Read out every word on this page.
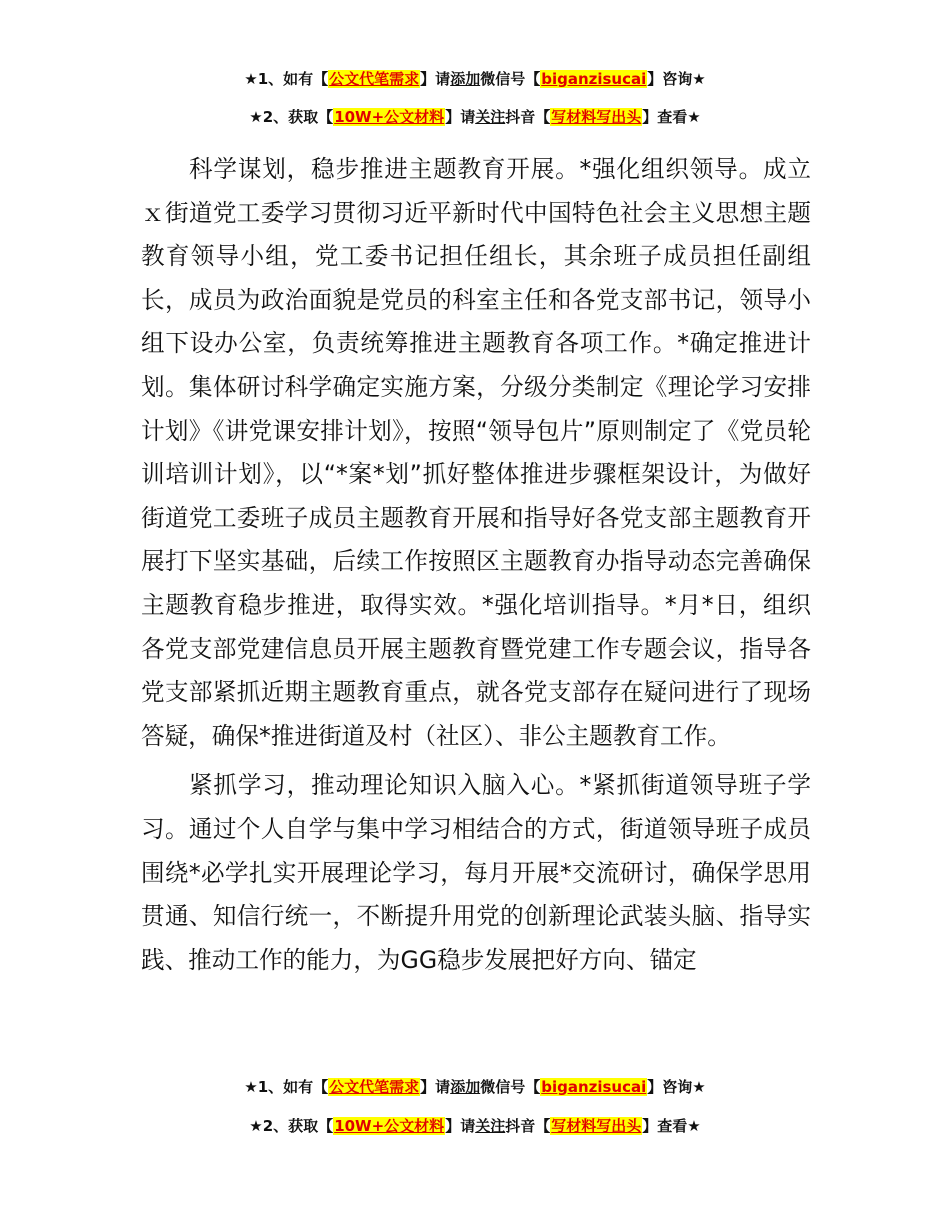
★1、如有【公文代笔需求】请添加微信号【biganzisucai】咨询★
★2、获取【10W+公文材料】请关注抖音【写材料写出头】查看★

科学谋划，稳步推进主题教育开展。*强化组织领导。成立ｘ街道党工委学习贯彻习近平新时代中国特色社会主义思想主题教育领导小组，党工委书记担任组长，其余班子成员担任副组长，成员为政治面貌是党员的科室主任和各党支部书记，领导小组下设办公室，负责统筹推进主题教育各项工作。*确定推进计划。集体研讨科学确定实施方案，分级分类制定《理论学习安排计划》《讲党课安排计划》，按照“领导包片”原则制定了《党员轮训培训计划》，以“*案*划”抓好整体推进步骤框架设计，为做好街道党工委班子成员主题教育开展和指导好各党支部主题教育开展打下坚实基础，后续工作按照区主题教育办指导动态完善确保主题教育稳步推进，取得实效。*强化培训指导。*月*日，组织各党支部党建信息员开展主题教育暨党建工作专题会议，指导各党支部紧抓近期主题教育重点，就各党支部存在疑问进行了现场答疑，确保*推进街道及村（社区）、非公主题教育工作。

紧抓学习，推动理论知识入脑入心。*紧抓街道领导班子学习。通过个人自学与集中学习相结合的方式，街道领导班子成员围绕*必学扎实开展理论学习，每月开展*交流研讨，确保学思用贯通、知信行统一，不断提升用党的创新理论武装头脑、指导实践、推动工作的能力，为GG稳步发展把好方向、锚定

★1、如有【公文代笔需求】请添加微信号【biganzisucai】咨询★
★2、获取【10W+公文材料】请关注抖音【写材料写出头】查看★
